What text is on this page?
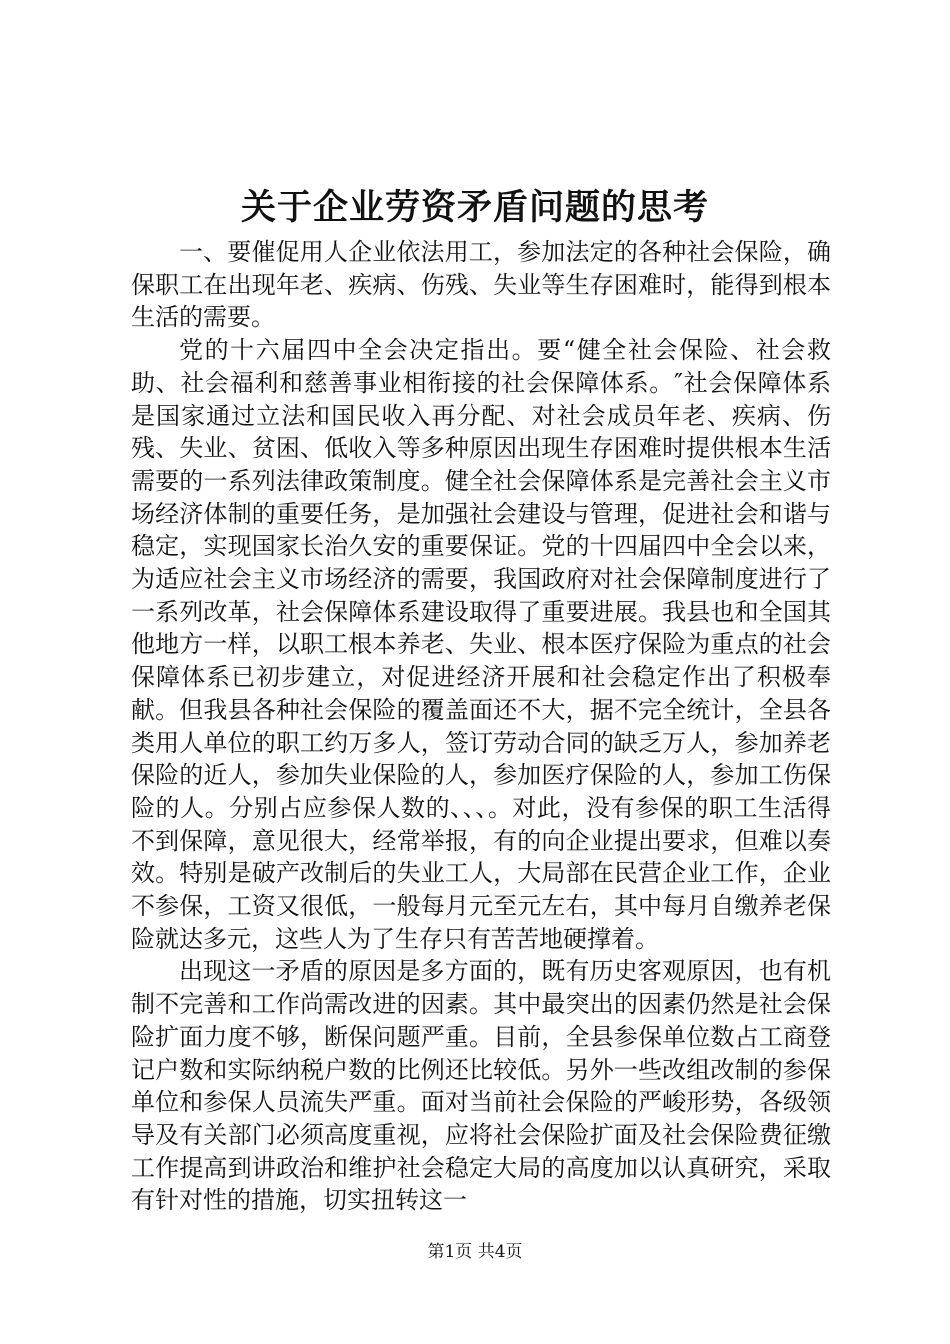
关于企业劳资矛盾问题的思考

一、要催促用人企业依法用工，参加法定的各种社会保险，确保职工在出现年老、疾病、伤残、失业等生存困难时，能得到根本生活的需要。

党的十六届四中全会决定指出。要“健全社会保险、社会救助、社会福利和慈善事业相衔接的社会保障体系。″社会保障体系是国家通过立法和国民收入再分配、对社会成员年老、疾病、伤残、失业、贫困、低收入等多种原因出现生存困难时提供根本生活需要的一系列法律政策制度。健全社会保障体系是完善社会主义市场经济体制的重要任务，是加强社会建设与管理，促进社会和谐与稳定，实现国家长治久安的重要保证。党的十四届四中全会以来，为适应社会主义市场经济的需要，我国政府对社会保障制度进行了一系列改革，社会保障体系建设取得了重要进展。我县也和全国其他地方一样，以职工根本养老、失业、根本医疗保险为重点的社会保障体系已初步建立，对促进经济开展和社会稳定作出了积极奉献。但我县各种社会保险的覆盖面还不大，据不完全统计，全县各类用人单位的职工约万多人，签订劳动合同的缺乏万人，参加养老保险的近人，参加失业保险的人，参加医疗保险的人，参加工伤保险的人。分别占应参保人数的、、、。对此，没有参保的职工生活得不到保障，意见很大，经常举报，有的向企业提出要求，但难以奏效。特别是破产改制后的失业工人，大局部在民营企业工作，企业不参保，工资又很低，一般每月元至元左右，其中每月自缴养老保险就达多元，这些人为了生存只有苦苦地硬撑着。

出现这一矛盾的原因是多方面的，既有历史客观原因，也有机制不完善和工作尚需改进的因素。其中最突出的因素仍然是社会保险扩面力度不够，断保问题严重。目前，全县参保单位数占工商登记户数和实际纳税户数的比例还比较低。另外一些改组改制的参保单位和参保人员流失严重。面对当前社会保险的严峻形势，各级领导及有关部门必须高度重视，应将社会保险扩面及社会保险费征缴工作提高到讲政治和维护社会稳定大局的高度加以认真研究，采取有针对性的措施，切实扭转这一

第1页 共4页
